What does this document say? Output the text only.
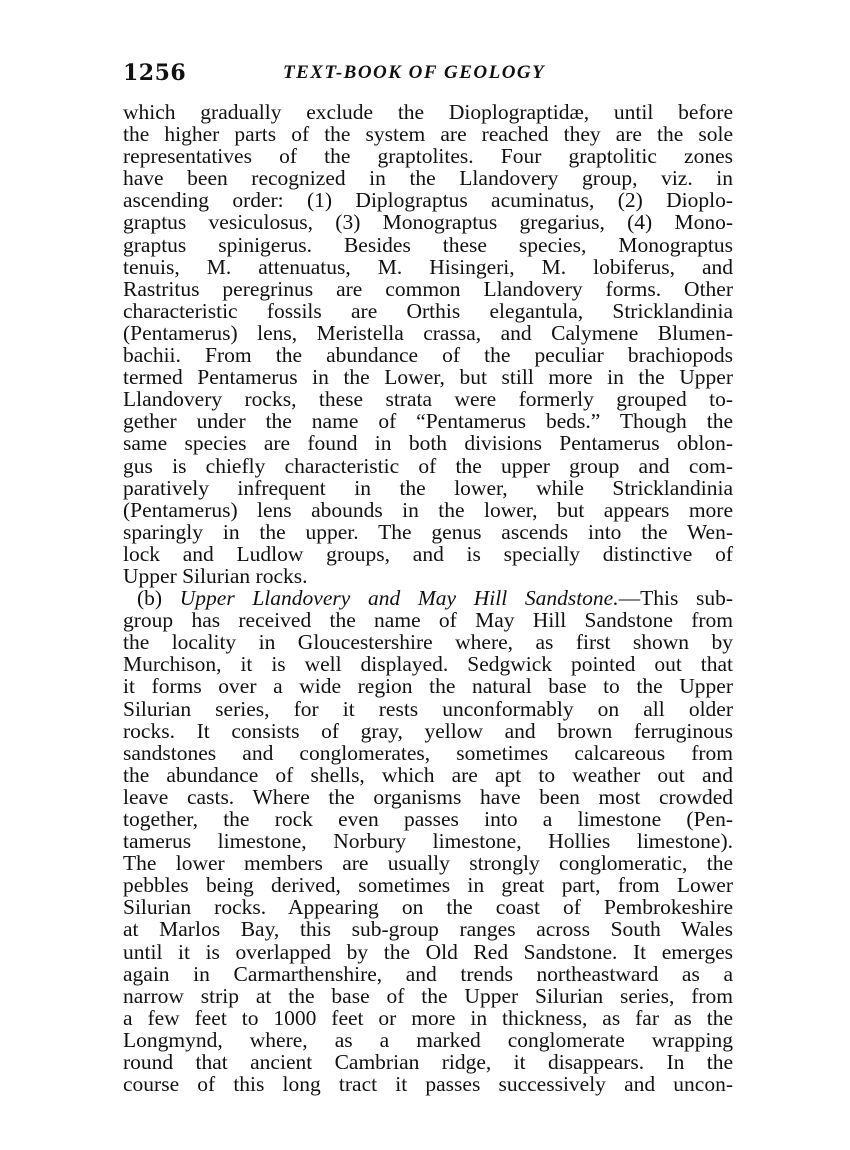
1256	TEXT-BOOK OF GEOLOGY
which gradually exclude the Dioplograptidæ, until before
the higher parts of the system are reached they are the sole
representatives of the graptolites. Four graptolitic zones
have been recognized in the Llandovery group, viz. in
ascending order: (1) Diplograptus acuminatus, (2) Dioplo-
graptus vesiculosus, (3) Monograptus gregarius, (4) Mono-
graptus spinigerus. Besides these species, Monograptus
tenuis, M. attenuatus, M. Hisingeri, M. lobiferus, and
Rastritus peregrinus are common Llandovery forms. Other
characteristic fossils are Orthis elegantula, Stricklandinia
(Pentamerus) lens, Meristella crassa, and Calymene Blumen-
bachii. From the abundance of the peculiar brachiopods
termed Pentamerus in the Lower, but still more in the Upper
Llandovery rocks, these strata were formerly grouped to-
gether under the name of “Pentamerus beds.” Though the
same species are found in both divisions Pentamerus oblon-
gus is chiefly characteristic of the upper group and com-
paratively infrequent in the lower, while Stricklandinia
(Pentamerus) lens abounds in the lower, but appears more
sparingly in the upper. The genus ascends into the Wen-
lock and Ludlow groups, and is specially distinctive of
Upper Silurian rocks.
(b) Upper Llandovery and May Hill Sandstone.—This sub-
group has received the name of May Hill Sandstone from
the locality in Gloucestershire where, as first shown by
Murchison, it is well displayed. Sedgwick pointed out that
it forms over a wide region the natural base to the Upper
Silurian series, for it rests unconformably on all older
rocks. It consists of gray, yellow and brown ferruginous
sandstones and conglomerates, sometimes calcareous from
the abundance of shells, which are apt to weather out and
leave casts. Where the organisms have been most crowded
together, the rock even passes into a limestone (Pen-
tamerus limestone, Norbury limestone, Hollies limestone).
The lower members are usually strongly conglomeratic, the
pebbles being derived, sometimes in great part, from Lower
Silurian rocks. Appearing on the coast of Pembrokeshire
at Marlos Bay, this sub-group ranges across South Wales
until it is overlapped by the Old Red Sandstone. It emerges
again in Carmarthenshire, and trends northeastward as a
narrow strip at the base of the Upper Silurian series, from
a few feet to 1000 feet or more in thickness, as far as the
Longmynd, where, as a marked conglomerate wrapping
round that ancient Cambrian ridge, it disappears. In the
course of this long tract it passes successively and uncon-
